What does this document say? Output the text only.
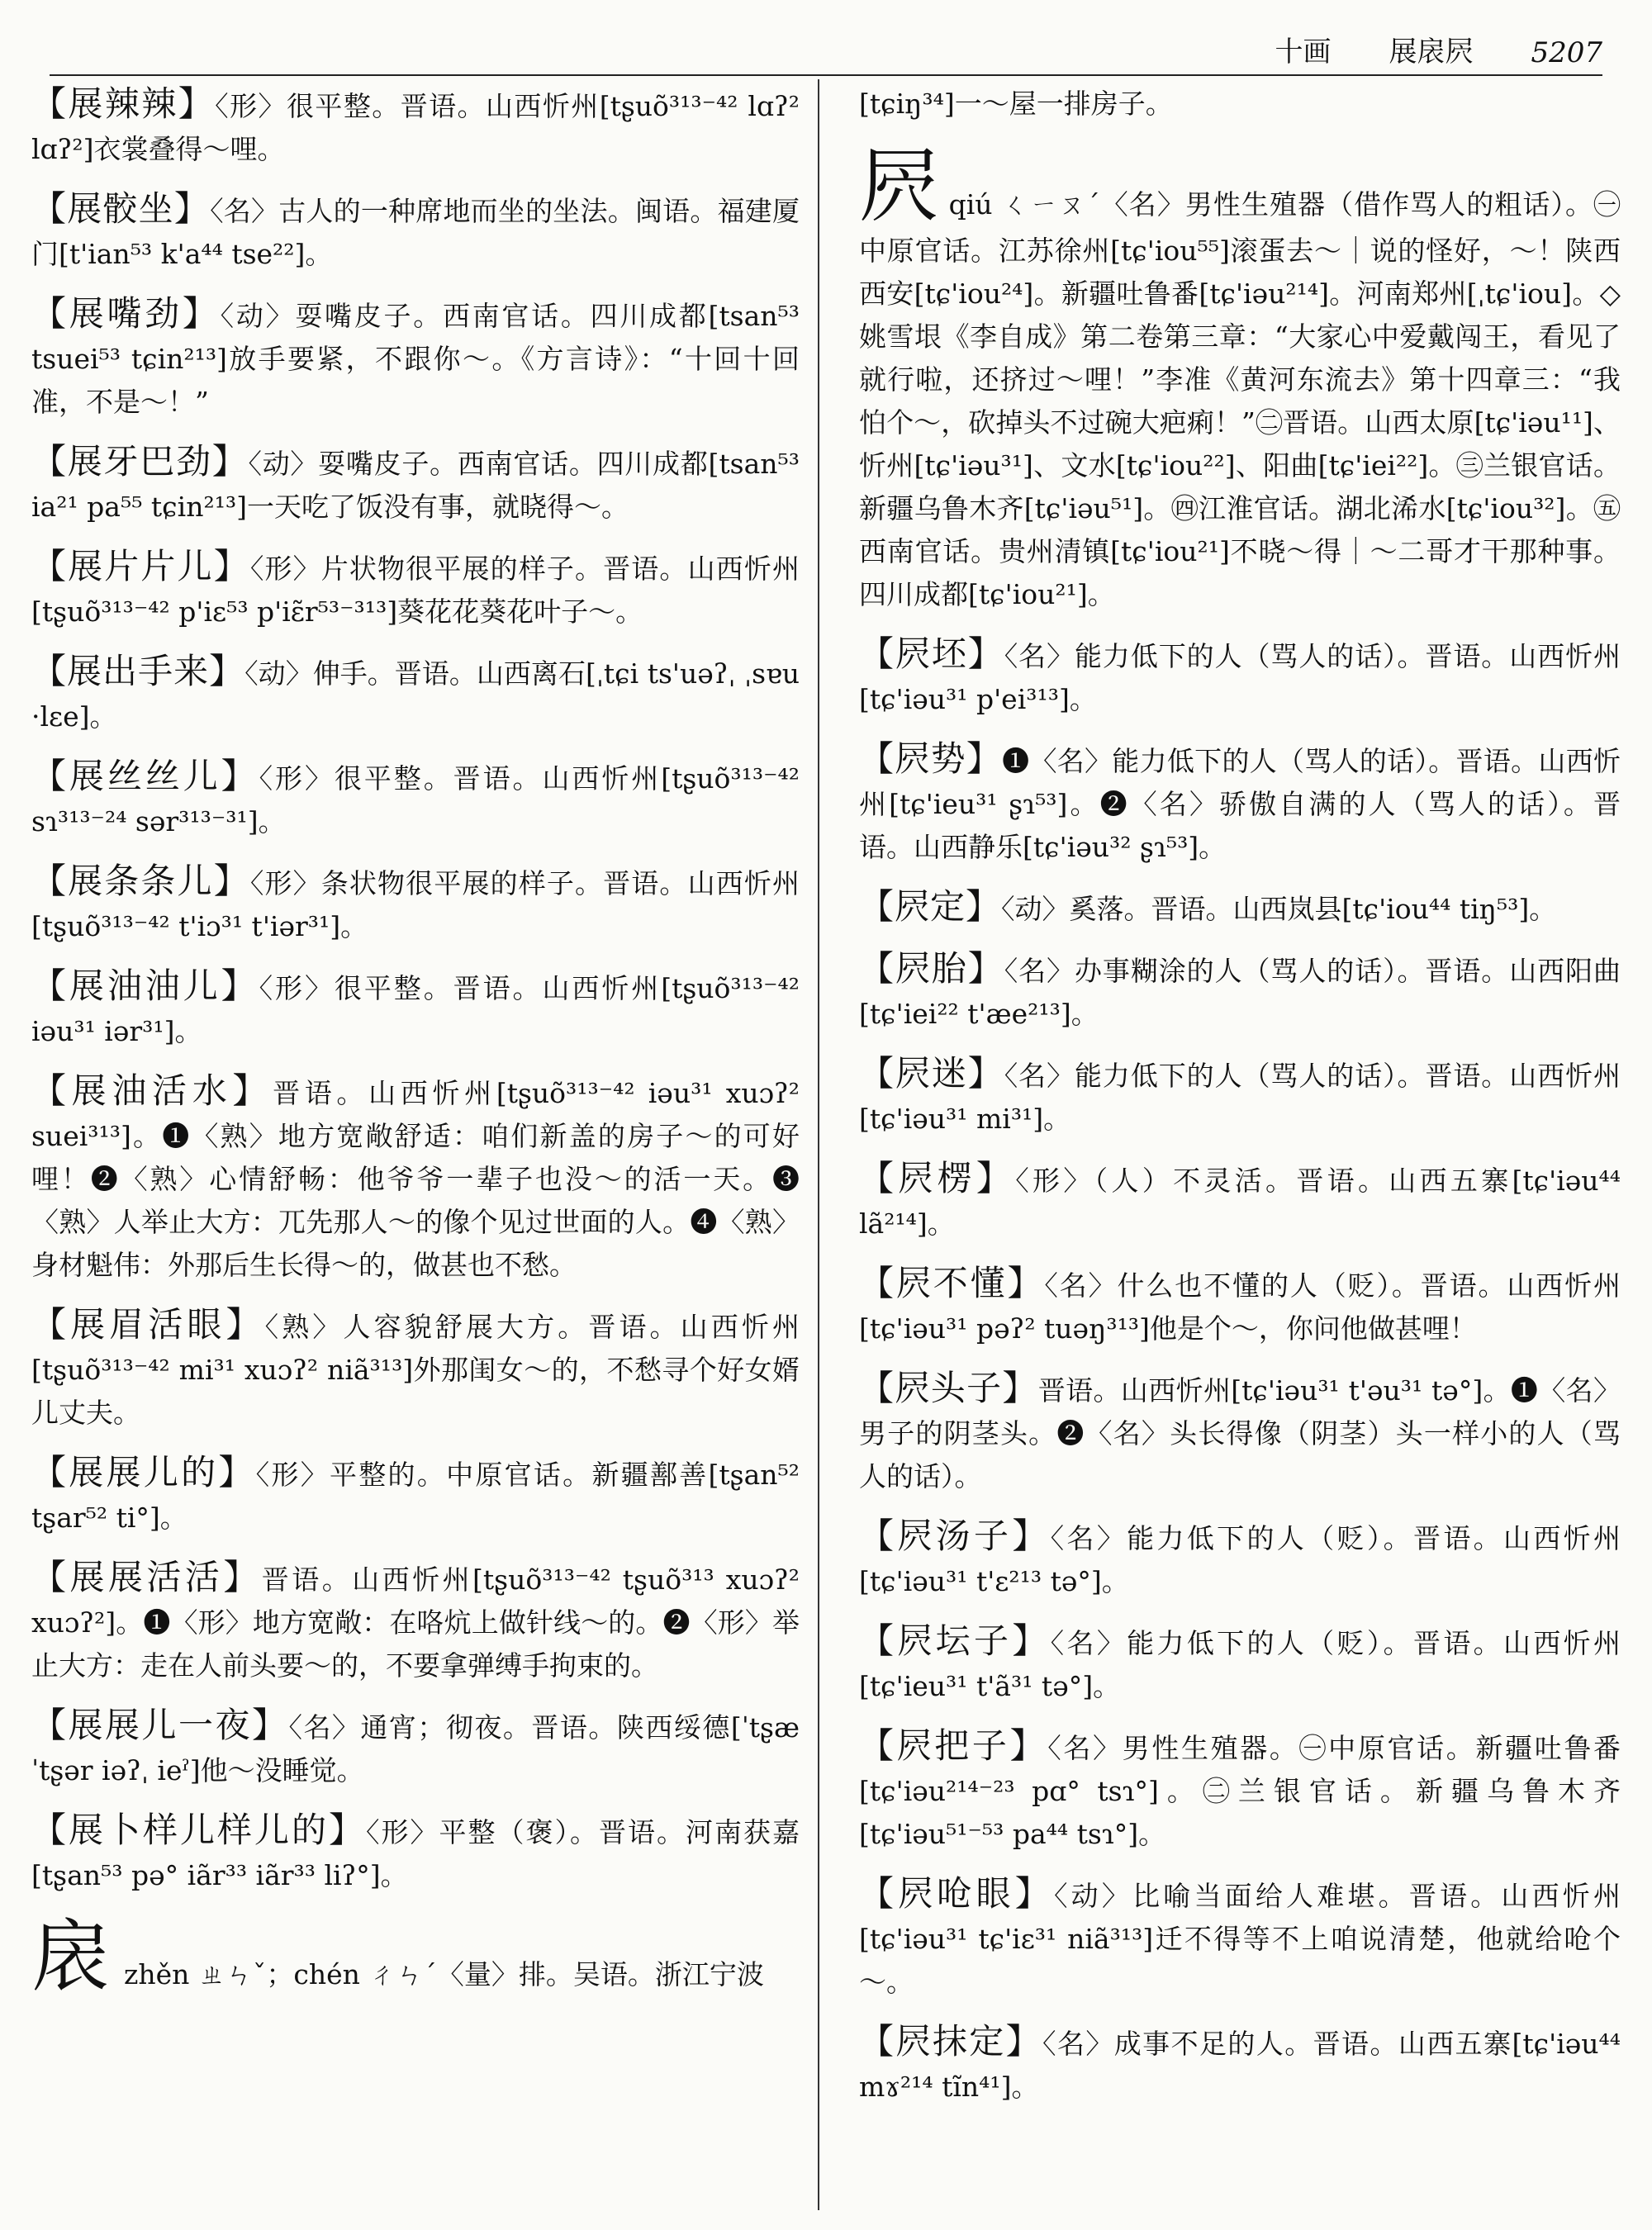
十画 展扆屄 5207
【展辣辣】〈形〉很平整。晋语。山西忻州[tʂuõ³¹³⁻⁴² lɑʔ² lɑʔ²]衣裳叠得～哩。
【展骹坐】〈名〉古人的一种席地而坐的坐法。闽语。福建厦门[t'ian⁵³ k'a⁴⁴ tse²²]。
【展嘴劲】〈动〉耍嘴皮子。西南官话。四川成都[tsan⁵³ tsuei⁵³ tɕin²¹³]放手要紧，不跟你～。《方言诗》：“十回十回准，不是～！”
【展牙巴劲】〈动〉耍嘴皮子。西南官话。四川成都[tsan⁵³ ia²¹ pa⁵⁵ tɕin²¹³]一天吃了饭没有事，就晓得～。
【展片片儿】〈形〉片状物很平展的样子。晋语。山西忻州[tʂuõ³¹³⁻⁴² p'iɛ⁵³ p'iɛ̃r⁵³⁻³¹³]葵花花葵花叶子～。
【展出手来】〈动〉伸手。晋语。山西离石[ˌtɕi ts'uəʔˌ ˌsɐu ·lɛe]。
【展丝丝儿】〈形〉很平整。晋语。山西忻州[tʂuõ³¹³⁻⁴² sɿ³¹³⁻²⁴ sər³¹³⁻³¹]。
【展条条儿】〈形〉条状物很平展的样子。晋语。山西忻州[tʂuõ³¹³⁻⁴² t'iɔ³¹ t'iər³¹]。
【展油油儿】〈形〉很平整。晋语。山西忻州[tʂuõ³¹³⁻⁴² iəu³¹ iər³¹]。
【展油活水】晋语。山西忻州[tʂuõ³¹³⁻⁴² iəu³¹ xuɔʔ² suei³¹³]。❶〈熟〉地方宽敞舒适：咱们新盖的房子～的可好哩！❷〈熟〉心情舒畅：他爷爷一辈子也没～的活一天。❸〈熟〉人举止大方：兀先那人～的像个见过世面的人。❹〈熟〉身材魁伟：外那后生长得～的，做甚也不愁。
【展眉活眼】〈熟〉人容貌舒展大方。晋语。山西忻州[tʂuõ³¹³⁻⁴² mi³¹ xuɔʔ² niã³¹³]外那闺女～的，不愁寻个好女婿儿丈夫。
【展展儿的】〈形〉平整的。中原官话。新疆鄯善[tʂan⁵² tʂar⁵² ti°]。
【展展活活】晋语。山西忻州[tʂuõ³¹³⁻⁴² tʂuõ³¹³ xuɔʔ² xuɔʔ²]。❶〈形〉地方宽敞：在咯炕上做针线～的。❷〈形〉举止大方：走在人前头要～的，不要拿弹缚手拘束的。
【展展儿一夜】〈名〉通宵；彻夜。晋语。陕西绥德[ˈtʂæ ˈtʂər iəʔˌ ieˀ]他～没睡觉。
【展卜样儿样儿的】〈形〉平整（褒）。晋语。河南获嘉[tʂan⁵³ pə° iãr³³ iãr³³ liʔ°]。
扆 zhěn ㄓㄣˇ；chén ㄔㄣˊ〈量〉排。吴语。浙江宁波
[tɕiŋ³⁴]一～屋一排房子。
屄 qiú ㄑㄧㄡˊ〈名〉男性生殖器（借作骂人的粗话）。㊀中原官话。江苏徐州[tɕ'iou⁵⁵]滚蛋去～｜说的怪好，～！陕西西安[tɕ'iou²⁴]。新疆吐鲁番[tɕ'iəu²¹⁴]。河南郑州[ˌtɕ'iou]。◇姚雪垠《李自成》第二卷第三章：“大家心中爱戴闯王，看见了就行啦，还挤过～哩！”李准《黄河东流去》第十四章三：“我怕个～，砍掉头不过碗大疤痢！”㊁晋语。山西太原[tɕ'iəu¹¹]、忻州[tɕ'iəu³¹]、文水[tɕ'iou²²]、阳曲[tɕ'iei²²]。㊂兰银官话。新疆乌鲁木齐[tɕ'iəu⁵¹]。㊃江淮官话。湖北浠水[tɕ'iou³²]。㊄西南官话。贵州清镇[tɕ'iou²¹]不晓～得｜～二哥才干那种事。四川成都[tɕ'iou²¹]。
【屄坯】〈名〉能力低下的人（骂人的话）。晋语。山西忻州[tɕ'iəu³¹ p'ei³¹³]。
【屄势】❶〈名〉能力低下的人（骂人的话）。晋语。山西忻州[tɕ'ieu³¹ ʂɿ⁵³]。❷〈名〉骄傲自满的人（骂人的话）。晋语。山西静乐[tɕ'iəu³² ʂɿ⁵³]。
【屄定】〈动〉奚落。晋语。山西岚县[tɕ'iou⁴⁴ tiŋ⁵³]。
【屄胎】〈名〉办事糊涂的人（骂人的话）。晋语。山西阳曲[tɕ'iei²² t'æe²¹³]。
【屄迷】〈名〉能力低下的人（骂人的话）。晋语。山西忻州[tɕ'iəu³¹ mi³¹]。
【屄楞】〈形〉（人）不灵活。晋语。山西五寨[tɕ'iəu⁴⁴ lã²¹⁴]。
【屄不懂】〈名〉什么也不懂的人（贬）。晋语。山西忻州[tɕ'iəu³¹ pəʔ² tuəŋ³¹³]他是个～，你问他做甚哩！
【屄头子】晋语。山西忻州[tɕ'iəu³¹ t'əu³¹ tə°]。❶〈名〉男子的阴茎头。❷〈名〉头长得像（阴茎）头一样小的人（骂人的话）。
【屄汤子】〈名〉能力低下的人（贬）。晋语。山西忻州[tɕ'iəu³¹ t'ɛ²¹³ tə°]。
【屄坛子】〈名〉能力低下的人（贬）。晋语。山西忻州[tɕ'ieu³¹ t'ã³¹ tə°]。
【屄把子】〈名〉男性生殖器。㊀中原官话。新疆吐鲁番[tɕ'iəu²¹⁴⁻²³ pɑ° tsɿ°]。㊁兰银官话。新疆乌鲁木齐[tɕ'iəu⁵¹⁻⁵³ pa⁴⁴ tsɿ°]。
【屄呛眼】〈动〉比喻当面给人难堪。晋语。山西忻州[tɕ'iəu³¹ tɕ'iɛ³¹ niã³¹³]迁不得等不上咱说清楚，他就给呛个～。
【屄抹定】〈名〉成事不足的人。晋语。山西五寨[tɕ'iəu⁴⁴ mɤ²¹⁴ tĩn⁴¹]。
